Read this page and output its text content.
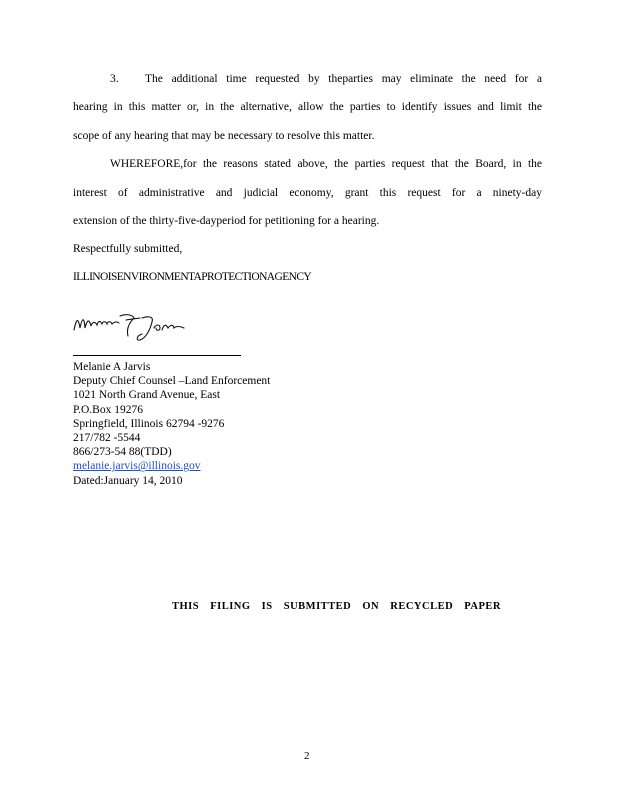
3. The additional time requested by theparties may eliminate the need for a
hearing in this matter or, in the alternative, allow the parties to identify issues and limit the
scope of any hearing that may be necessary to resolve this matter.
WHEREFORE,for the reasons stated above, the parties request that the Board, in the
interest of administrative and judicial economy, grant this request for a ninety-day
extension of the thirty-five-dayperiod for petitioning for a hearing.
Respectfully submitted,
ILLINOISENVIRONMENTAPROTECTIONAGENCY
Melanie A Jarvis
Deputy Chief Counsel –Land Enforcement
1021 North Grand Avenue, East
P.O.Box 19276
Springfield, Illinois 62794 -9276
217/782 -5544
866/273-54 88(TDD)
melanie.jarvis@illinois.gov
Dated:January 14, 2010
THIS FILING IS SUBMITTED ON RECYCLED PAPER
2
